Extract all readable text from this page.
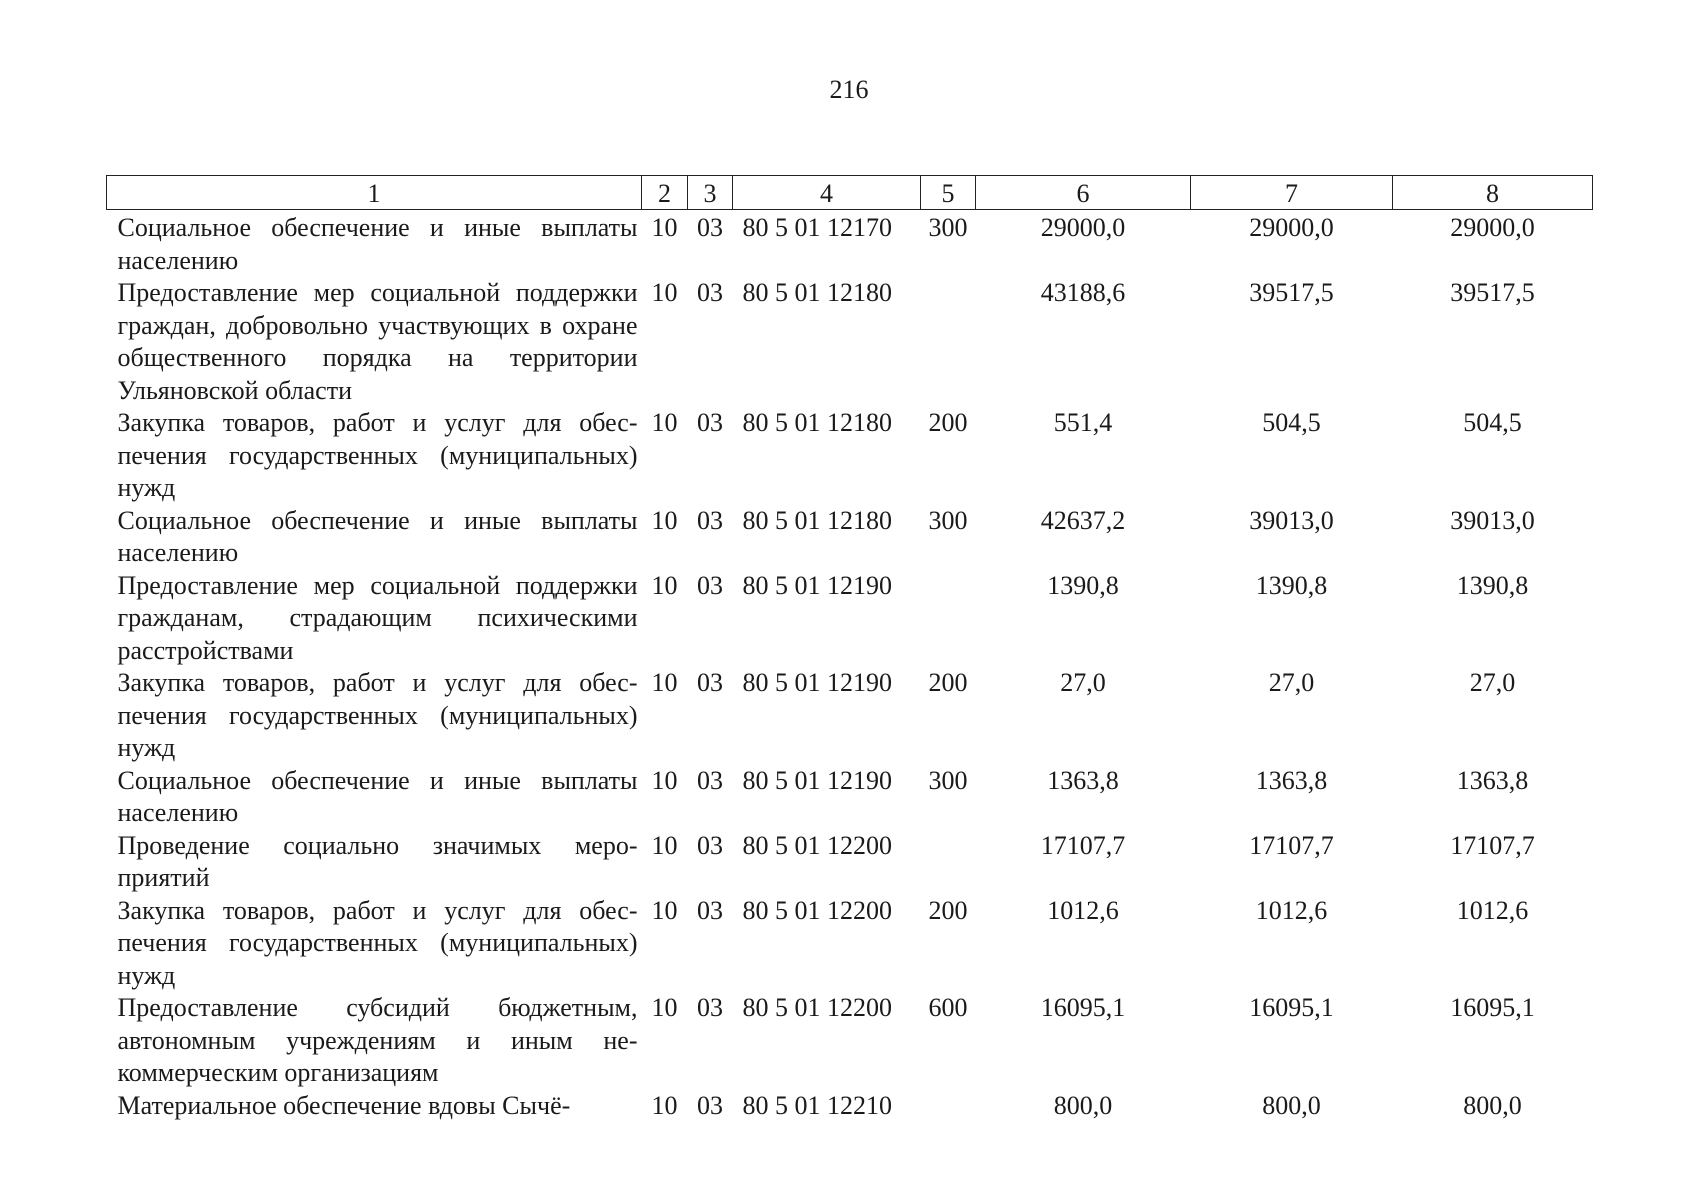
216
1	2	3	4	5	6	7	8
Социальное обеспечение и иные выплаты населению	10	03	80 5 01 12170	300	29000,0	29000,0	29000,0
Предоставление мер социальной поддержки граждан, добровольно участвующих в охране общественного порядка на территории Ульяновской области	10	03	80 5 01 12180		43188,6	39517,5	39517,5
Закупка товаров, работ и услуг для обеспечения государственных (муниципальных) нужд	10	03	80 5 01 12180	200	551,4	504,5	504,5
Социальное обеспечение и иные выплаты населению	10	03	80 5 01 12180	300	42637,2	39013,0	39013,0
Предоставление мер социальной поддержки гражданам, страдающим психическими расстройствами	10	03	80 5 01 12190		1390,8	1390,8	1390,8
Закупка товаров, работ и услуг для обеспечения государственных (муниципальных) нужд	10	03	80 5 01 12190	200	27,0	27,0	27,0
Социальное обеспечение и иные выплаты населению	10	03	80 5 01 12190	300	1363,8	1363,8	1363,8
Проведение социально значимых мероприятий	10	03	80 5 01 12200		17107,7	17107,7	17107,7
Закупка товаров, работ и услуг для обеспечения государственных (муниципальных) нужд	10	03	80 5 01 12200	200	1012,6	1012,6	1012,6
Предоставление субсидий бюджетным, автономным учреждениям и иным некоммерческим организациям	10	03	80 5 01 12200	600	16095,1	16095,1	16095,1
Материальное обеспечение вдовы Сычё-	10	03	80 5 01 12210		800,0	800,0	800,0
